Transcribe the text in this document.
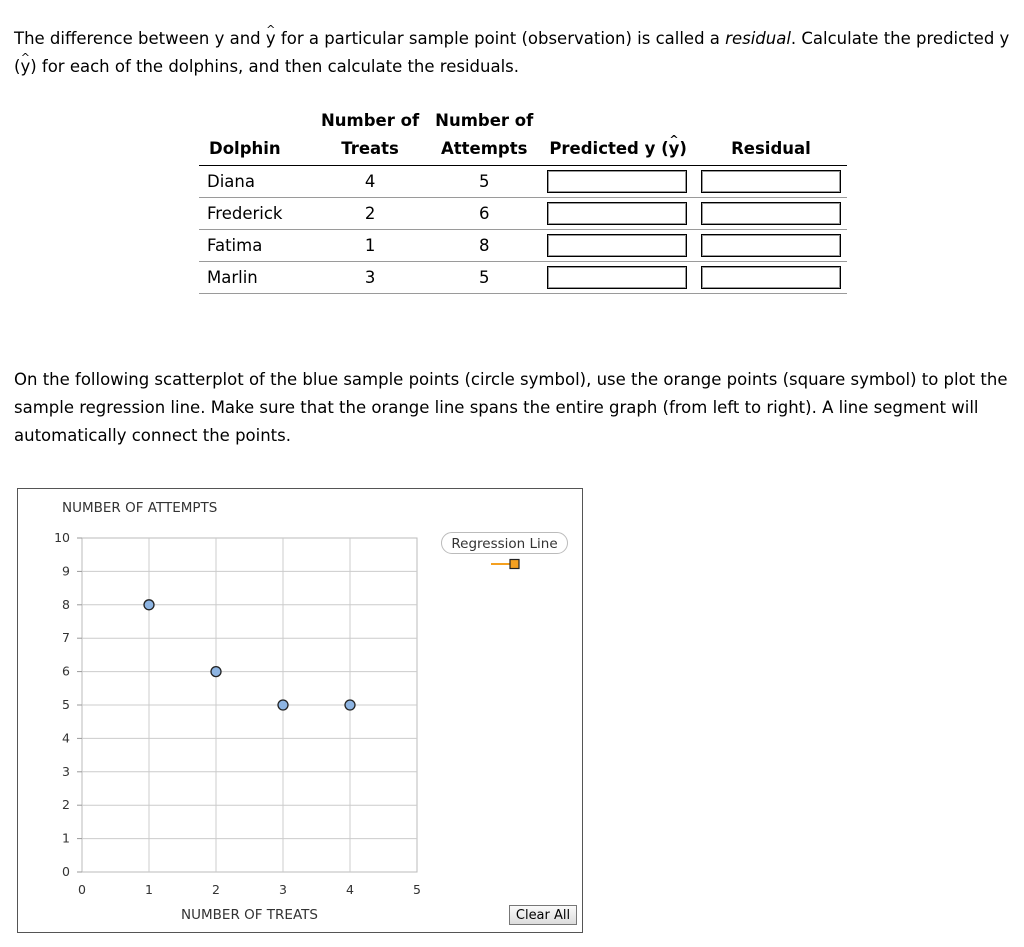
The difference between y and ^ y for a particular sample point (observation) is called a residual. Calculate the predicted y (^ y) for each of the dolphins, and then calculate the residuals.

	Number of	Number of		
Dolphin	Treats	Attempts	Predicted y (^ y)	Residual
Diana	4	5	

Frederick	2	6	

Fatima	1	8	

Marlin	3	5	

On the following scatterplot of the blue sample points (circle symbol), use the orange points (square symbol) to plot the sample regression line. Make sure that the orange line spans the entire graph (from left to right). A line segment will automatically connect the points.

0
1
2
3
4
5
6
7
8
9
10
0	1	2	3	4	5
NUMBER OF TREATS
NUMBER OF ATTEMPTS
Regression Line
Clear All
